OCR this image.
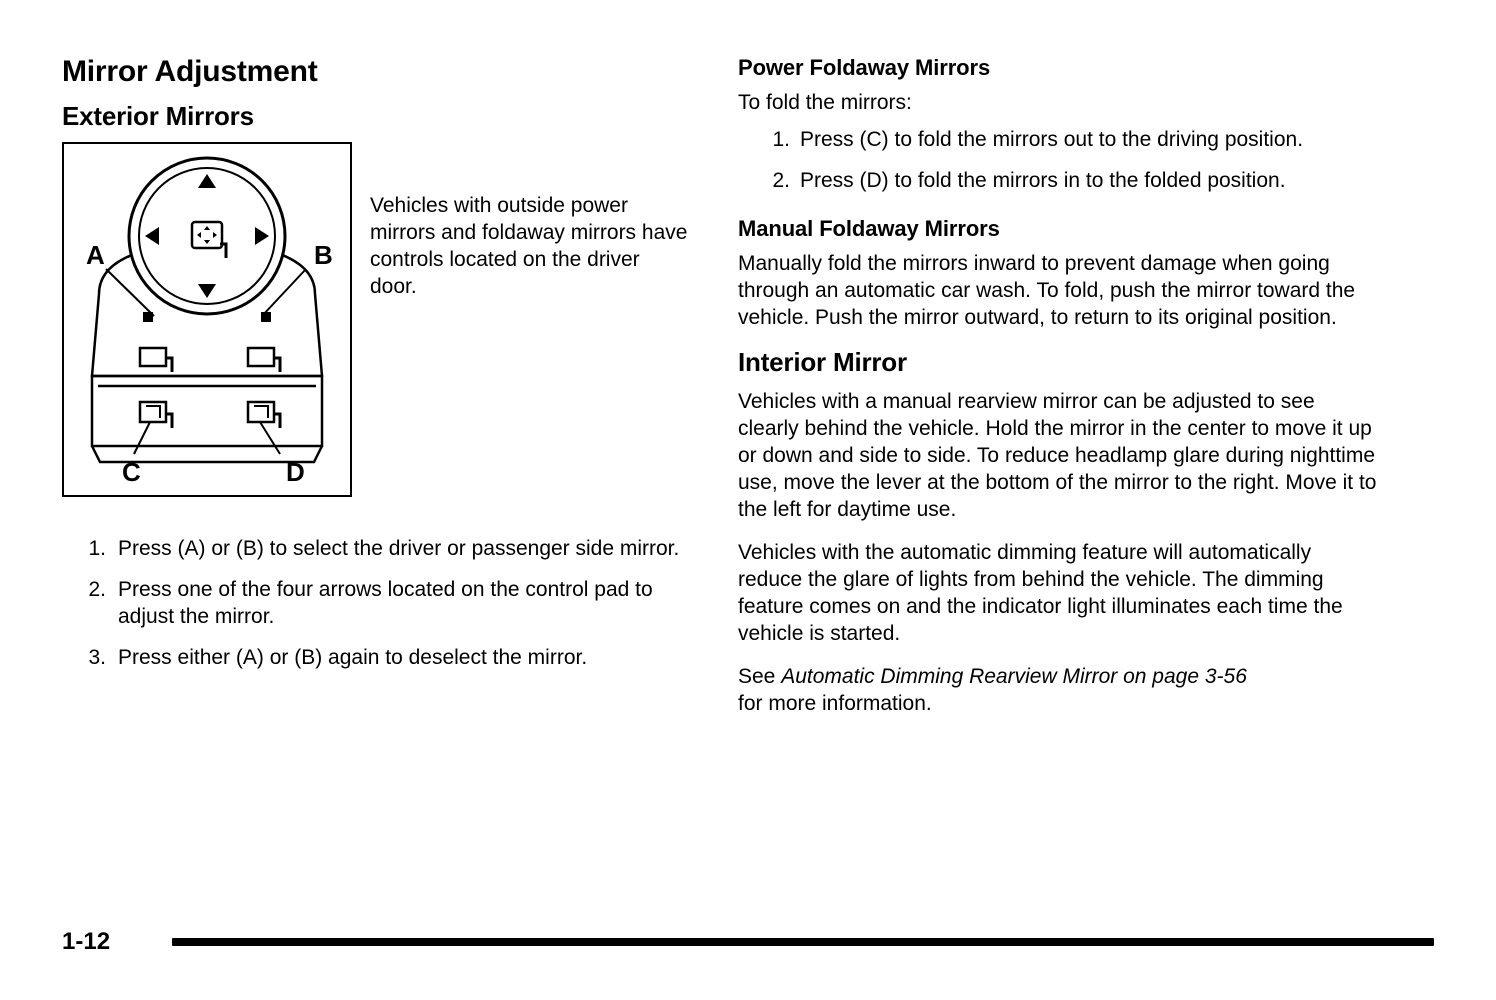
Mirror Adjustment
Exterior Mirrors
A	B
C	D

Vehicles with outside power mirrors and foldaway mirrors have controls located on the driver door.

1. Press (A) or (B) to select the driver or passenger side mirror.
2. Press one of the four arrows located on the control pad to adjust the mirror.
3. Press either (A) or (B) again to deselect the mirror.
Power Foldaway Mirrors

To fold the mirrors:

1. Press (C) to fold the mirrors out to the driving position.
2. Press (D) to fold the mirrors in to the folded position.
Manual Foldaway Mirrors

Manually fold the mirrors inward to prevent damage when going through an automatic car wash. To fold, push the mirror toward the vehicle. Push the mirror outward, to return to its original position.

Interior Mirror

Vehicles with a manual rearview mirror can be adjusted to see clearly behind the vehicle. Hold the mirror in the center to move it up or down and side to side. To reduce headlamp glare during nighttime use, move the lever at the bottom of the mirror to the right. Move it to the left for daytime use.

Vehicles with the automatic dimming feature will automatically reduce the glare of lights from behind the vehicle. The dimming feature comes on and the indicator light illuminates each time the vehicle is started.

See Automatic Dimming Rearview Mirror on page 3-56
for more information.

1-12
